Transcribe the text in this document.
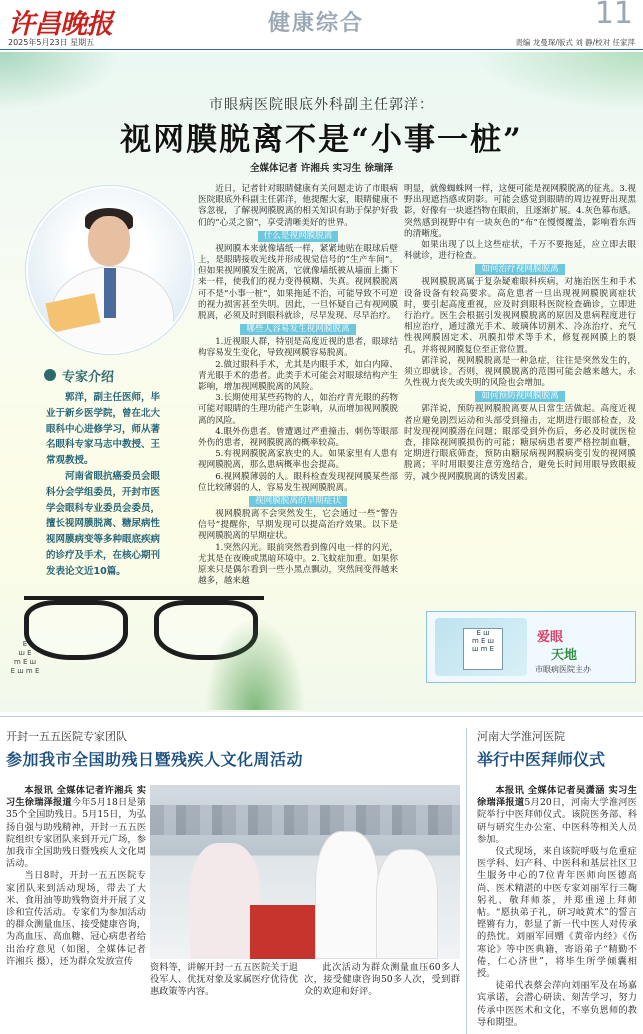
许昌晚报
2025年5月23日 星期五
健康综合	11
责编 龙曼琛/版式 刘 静/校对 任家萍
市眼病医院眼底外科副主任郭洋：
视网膜脱离不是“小事一桩”
全媒体记者 许湘兵 实习生 徐瑞泽
专家介绍

郭洋，副主任医师，毕业于新乡医学院，曾在北大眼科中心进修学习，师从著名眼科专家马志中教授、王常观教授。

河南省眼抗癌委员会眼科分会学组委员，开封市医学会眼科专业委员会委员，擅长视网膜脱离、糖尿病性视网膜病变等多种眼底疾病的诊疗及手术，在核心期刊发表论文近10篇。

近日，记者针对眼睛健康有关问题走访了市眼病医院眼底外科副主任郭洋，他提醒大家，眼睛健康不容忽视，了解视网膜脱离的相关知识有助于保护好我们的“心灵之窗”，享受清晰美好的世界。

什么是视网膜脱离

视网膜本来就像墙纸一样，紧紧地贴在眼球后壁上，是眼睛接收光线并形成视觉信号的“生产车间”。但如果视网膜发生脱离，它就像墙纸被从墙面上撕下来一样，使我们的视力变得模糊、失真。视网膜脱离可不是“小事一桩”，如果拖延不治，可能导致不可逆的视力损害甚至失明。因此，一旦怀疑自己有视网膜脱离，必须及时到眼科就诊，尽早发现、尽早治疗。

哪些人容易发生视网膜脱离

1.近视眼人群，特别是高度近视的患者，眼球结构容易发生变化，导致视网膜容易脱离。

2.做过眼科手术，尤其是内眼手术，如白内障、青光眼手术的患者。此类手术可能会对眼球结构产生影响，增加视网膜脱离的风险。

3.长期使用某些药物的人，如治疗青光眼的药物可能对眼睛的生理功能产生影响，从而增加视网膜脱离的风险。

4.眼外伤患者。曾遭遇过严重撞击、刺伤等眼部外伤的患者，视网膜脱离的概率较高。

5.有视网膜脱离家族史的人。如果家里有人患有视网膜脱离，那么患病概率也会提高。

6.视网膜薄弱的人。眼科检查发现视网膜某些部位比较薄弱的人，容易发生视网膜脱离。

视网膜脱离的早期症状

视网膜脱离不会突然发生，它会通过一些“警告信号”提醒你，早期发现可以提高治疗效果。以下是视网膜脱离的早期症状。

1.突然闪光。眼前突然看到像闪电一样的闪光，尤其是在夜晚或黑暗环境中。2.飞蚊症加重。如果你原来只是偶尔看到一些小黑点飘动，突然间变得越来越多，越来越

明显，就像蜘蛛网一样，这便可能是视网膜脱离的征兆。3.视野出现遮挡感或阴影。可能会感觉到眼睛的周边视野出现黑影，好像有一块遮挡物在眼前，且逐渐扩展。4.灰色幕布感。突然感到视野中有一块灰色的“布”在慢慢覆盖，影响看东西的清晰度。

如果出现了以上这些症状，千万不要拖延，应立即去眼科就诊，进行检查。

如何治疗视网膜脱离

视网膜脱离属于复杂疑难眼科疾病，对施治医生和手术设备设备有较高要求。高危患者一旦出现视网膜脱离症状时，要引起高度重视，应及时到眼科医院检查确诊，立即进行治疗。医生会根据引发视网膜脱离的原因及患病程度进行相应治疗，通过激光手术、玻璃体切割术、冷冻治疗、充气性视网膜固定术、巩膜扣带术等手术，修复视网膜上的裂孔，并将视网膜复位至正常位置。

郭洋说，视网膜脱离是一种急症，往往是突然发生的，须立即就诊。否则，视网膜脱离的范围可能会越来越大，永久性视力丧失或失明的风险也会增加。

如何预防视网膜脱离

郭洋说，预防视网膜脱离要从日常生活做起。高度近视者应避免剧烈运动和头部受到撞击，定期进行眼部检查，及时发现视网膜潜在问题；眼部受到外伤后，务必及时就医检查，排除视网膜损伤的可能；糖尿病患者要严格控制血糖，定期进行眼底筛查，预防由糖尿病视网膜病变引发的视网膜脱离；平时用眼要注意劳逸结合，避免长时间用眼导致眼疲劳，减少视网膜脱离的诱发因素。

E
ш E
m E ш
E ш m E
E ш
m E ш
ш m E
爱眼
天地
市眼病医院主办
开封一五五医院专家团队
参加我市全国助残日暨残疾人文化周活动

本报讯 全媒体记者许湘兵 实习生徐瑞泽报道今年5月18日是第35个全国助残日。5月15日，为弘扬自强与助残精神，开封一五五医院组织专家团队来到开元广场，参加我市全国助残日暨残疾人文化周活动。

当日8时，开封一五五医院专家团队来到活动现场，带去了大米、食用油等助残物资并开展了义诊和宣传活动。专家们为参加活动的群众测量血压、接受健康咨询，为高血压、高血糖、冠心病患者给出治疗意见（如图，全媒体记者 许湘兵 摄），还为群众发放宣传

资料等，讲解开封一五五医院关于退役军人、优抚对象及家属医疗优待优惠政策等内容。

此次活动为群众测量血压60多人次，接受健康咨询50多人次，受到群众的欢迎和好评。

河南大学淮河医院
举行中医拜师仪式

本报讯 全媒体记者吴潇涵 实习生徐瑞泽报道5月20日，河南大学淮河医院举行中医拜师仪式。该院医务部、科研与研究生办公室、中医科等相关人员参加。

仪式现场，来自该院呼吸与危重症医学科、妇产科、中医科和基层社区卫生服务中心的7位青年医师向医德高尚、医术精湛的中医专家刘丽军行三鞠躬礼、敬拜师茶，并郑重递上拜师帖。“愿执弟子礼，研习岐黄术”的誓言铿锵有力，彰显了新一代中医人对传承的热忱。刘丽军回赠《黄帝内经》《伤寒论》等中医典籍，寄语弟子“精勤不倦，仁心济世”，将毕生所学倾囊相授。

徒弟代表蔡会萍向刘丽军及在场嘉宾承诺，会潜心研读、刻苦学习，努力传承中医医术和文化，不辜负恩师的教导和期望。
